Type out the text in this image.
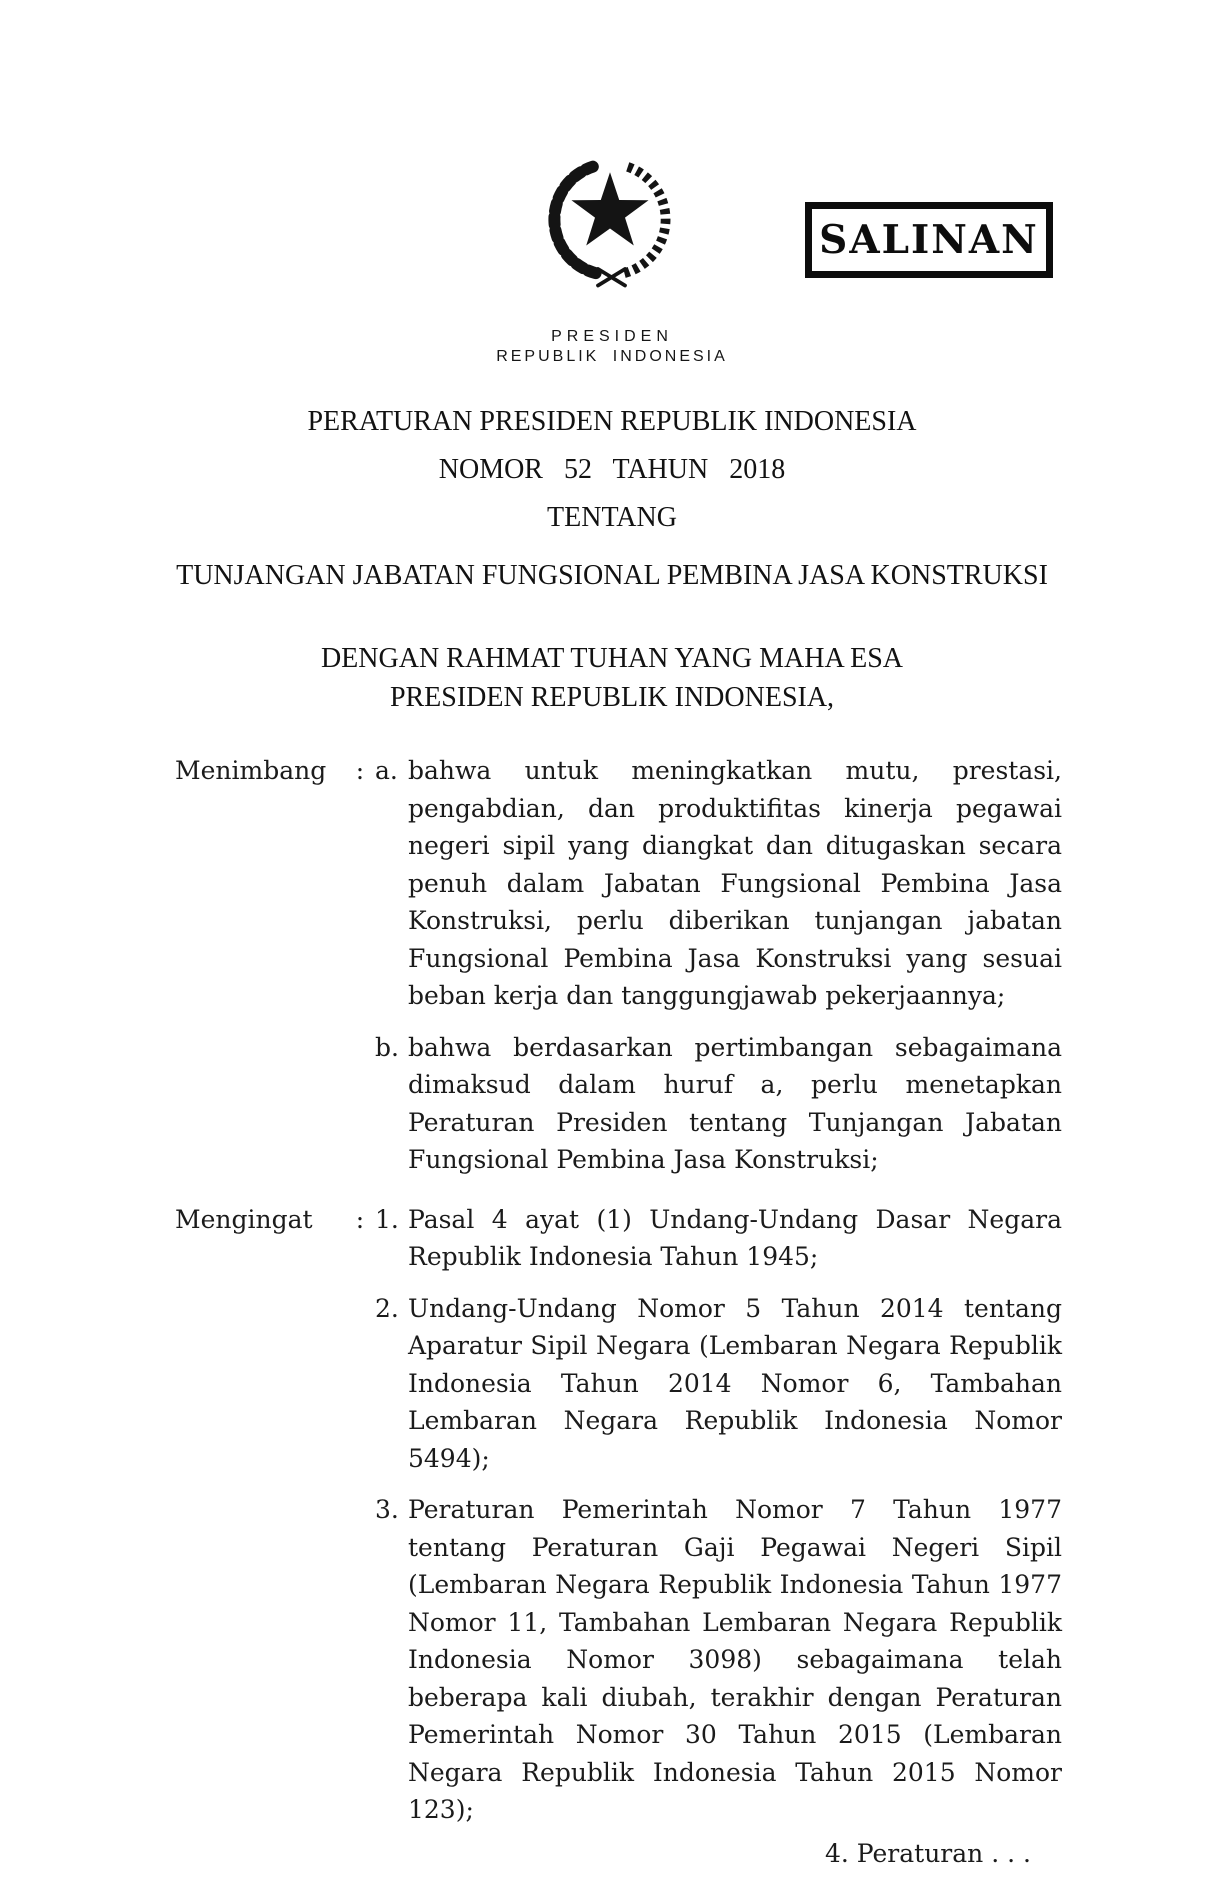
SALINAN
PRESIDEN
REPUBLIK INDONESIA
PERATURAN PRESIDEN REPUBLIK INDONESIA
NOMOR 52 TAHUN 2018
TENTANG
TUNJANGAN JABATAN FUNGSIONAL PEMBINA JASA KONSTRUKSI
DENGAN RAHMAT TUHAN YANG MAHA ESA
PRESIDEN REPUBLIK INDONESIA,
Menimbang	: a. bahwa untuk meningkatkan mutu, prestasi, pengabdian, dan produktifitas kinerja pegawai negeri sipil yang diangkat dan ditugaskan secara penuh dalam Jabatan Fungsional Pembina Jasa Konstruksi, perlu diberikan tunjangan jabatan Fungsional Pembina Jasa Konstruksi yang sesuai beban kerja dan tanggungjawab pekerjaannya;
b. bahwa berdasarkan pertimbangan sebagaimana dimaksud dalam huruf a, perlu menetapkan Peraturan Presiden tentang Tunjangan Jabatan Fungsional Pembina Jasa Konstruksi;
Mengingat	: 1. Pasal 4 ayat (1) Undang-Undang Dasar Negara Republik Indonesia Tahun 1945;
2. Undang-Undang Nomor 5 Tahun 2014 tentang Aparatur Sipil Negara (Lembaran Negara Republik Indonesia Tahun 2014 Nomor 6, Tambahan Lembaran Negara Republik Indonesia Nomor 5494);
3. Peraturan Pemerintah Nomor 7 Tahun 1977 tentang Peraturan Gaji Pegawai Negeri Sipil (Lembaran Negara Republik Indonesia Tahun 1977 Nomor 11, Tambahan Lembaran Negara Republik Indonesia Nomor 3098) sebagaimana telah beberapa kali diubah, terakhir dengan Peraturan Pemerintah Nomor 30 Tahun 2015 (Lembaran Negara Republik Indonesia Tahun 2015 Nomor 123);
4. Peraturan . . .
